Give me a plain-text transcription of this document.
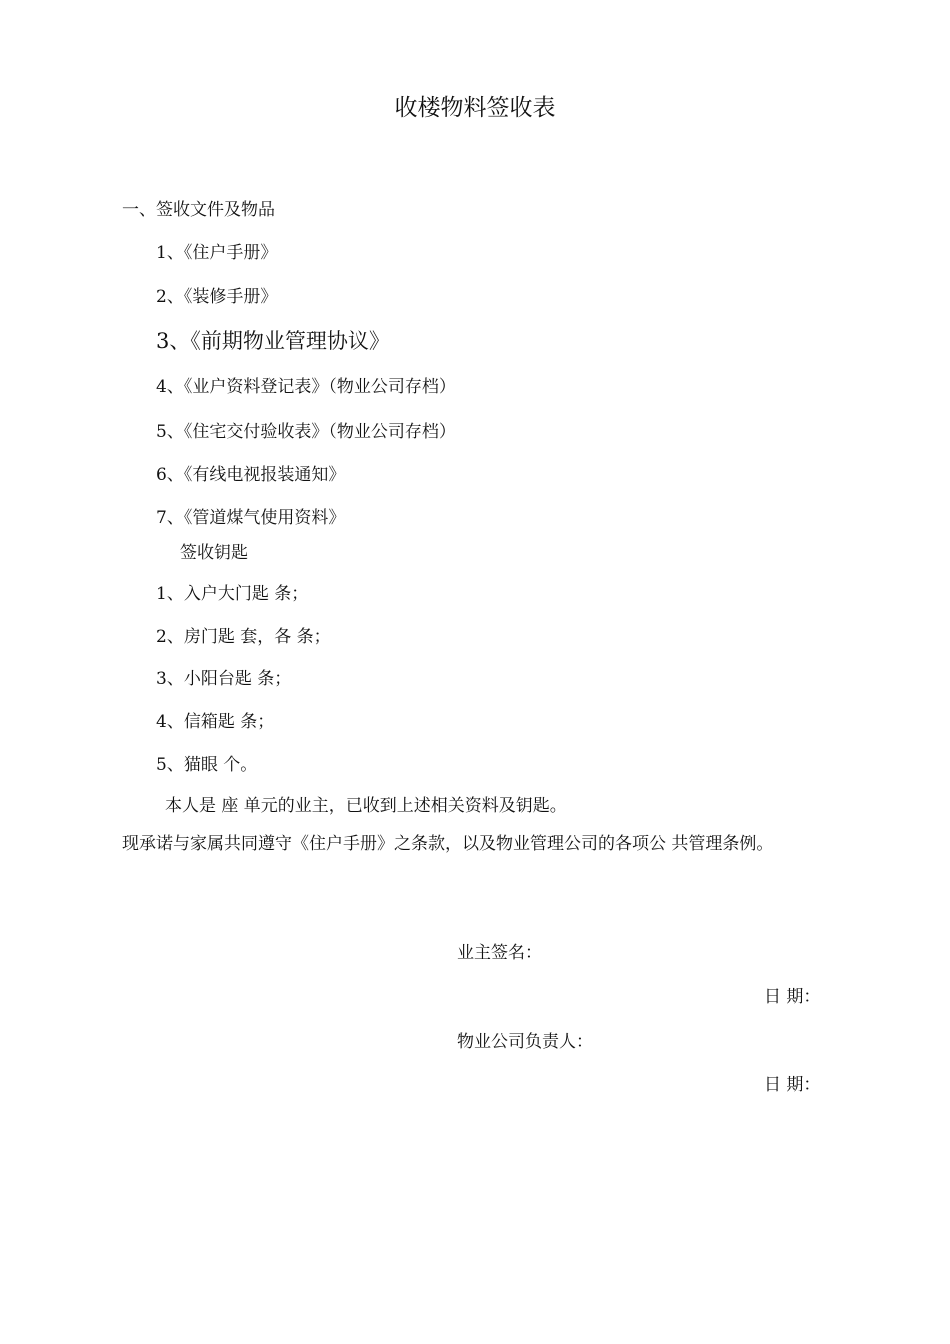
收楼物料签收表
一、签收文件及物品
1、《住户手册》
2、《装修手册》
3、《前期物业管理协议》
4、《业户资料登记表》（物业公司存档）
5、《住宅交付验收表》（物业公司存档）
6、《有线电视报装通知》
7、《管道煤气使用资料》
签收钥匙
1、入户大门匙 条；
2、房门匙 套，各 条；
3、小阳台匙 条；
4、信箱匙 条；
5、猫眼 个。
本人是 座 单元的业主，已收到上述相关资料及钥匙。
现承诺与家属共同遵守《住户手册》之条款，以及物业管理公司的各项公 共管理条例。
业主签名：
日 期：
物业公司负责人：
日 期：
